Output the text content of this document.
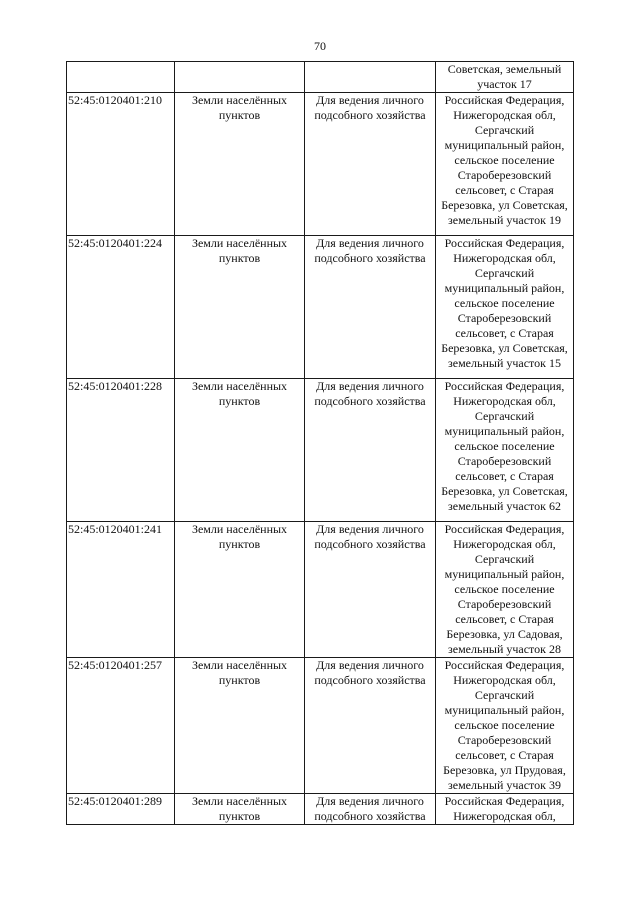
70
			Советская, земельный участок 17
52:45:0120401:210	Земли населённых пунктов	Для ведения личного подсобного хозяйства	Российская Федерация, Нижегородская обл, Сергачский муниципальный район, сельское поселение Староберезовский сельсовет, с Старая Березовка, ул Советская, земельный участок 19
52:45:0120401:224	Земли населённых пунктов	Для ведения личного подсобного хозяйства	Российская Федерация, Нижегородская обл, Сергачский муниципальный район, сельское поселение Староберезовский сельсовет, с Старая Березовка, ул Советская, земельный участок 15
52:45:0120401:228	Земли населённых пунктов	Для ведения личного подсобного хозяйства	Российская Федерация, Нижегородская обл, Сергачский муниципальный район, сельское поселение Староберезовский сельсовет, с Старая Березовка, ул Советская, земельный участок 62
52:45:0120401:241	Земли населённых пунктов	Для ведения личного подсобного хозяйства	Российская Федерация, Нижегородская обл, Сергачский муниципальный район, сельское поселение Староберезовский сельсовет, с Старая Березовка, ул Садовая, земельный участок 28
52:45:0120401:257	Земли населённых пунктов	Для ведения личного подсобного хозяйства	Российская Федерация, Нижегородская обл, Сергачский муниципальный район, сельское поселение Староберезовский сельсовет, с Старая Березовка, ул Прудовая, земельный участок 39
52:45:0120401:289	Земли населённых пунктов	Для ведения личного подсобного хозяйства	Российская Федерация, Нижегородская обл,
